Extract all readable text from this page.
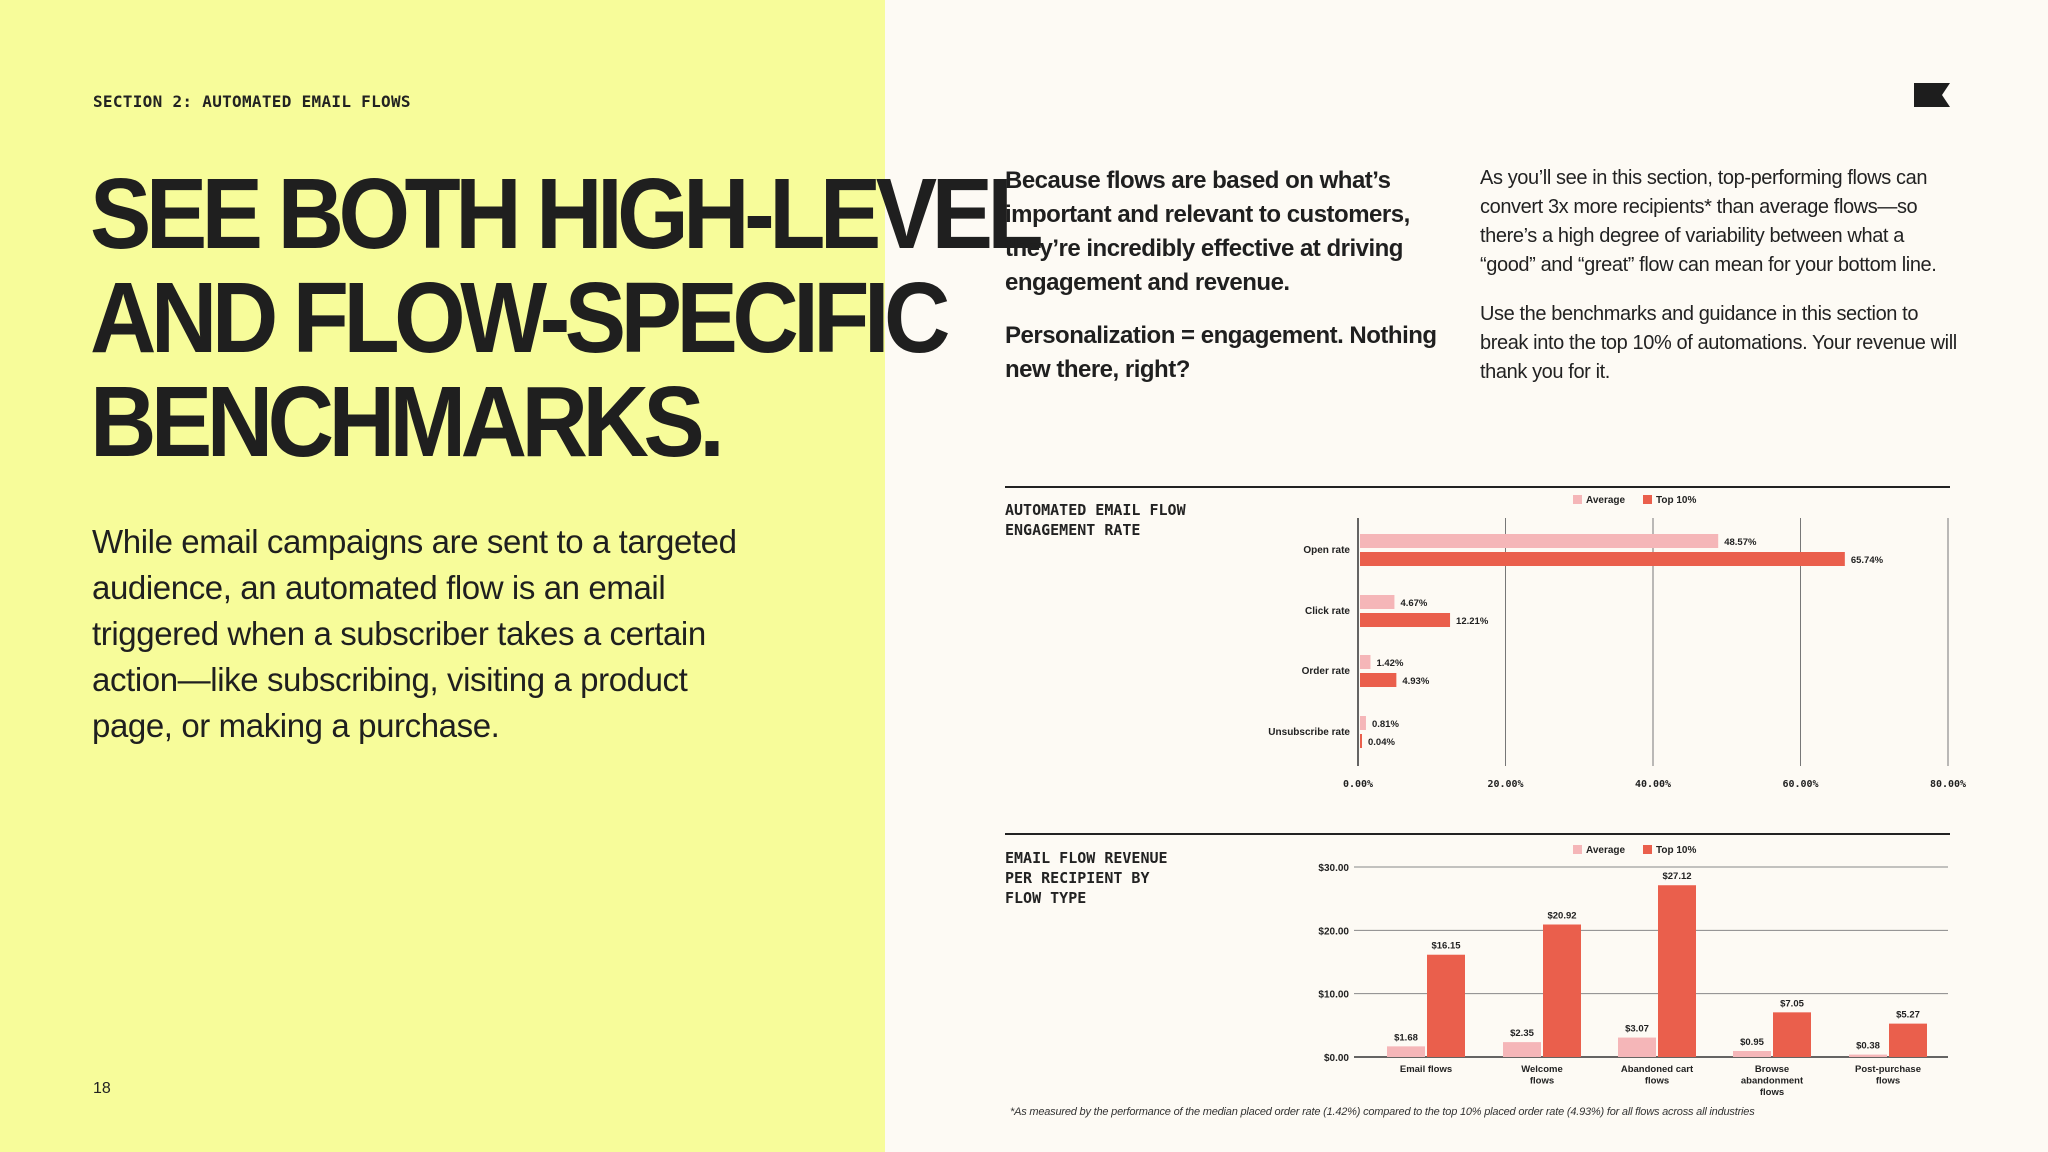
SECTION 2: AUTOMATED EMAIL FLOWS
SEE BOTH HIGH-LEVEL
AND FLOW-SPECIFIC
BENCHMARKS.

While email campaigns are sent to a targeted audience, an automated flow is an email triggered when a subscriber takes a certain action—like subscribing, visiting a product page, or making a purchase.

18

Because flows are based on what’s important and relevant to customers, they’re incredibly effective at driving engagement and revenue.

Personalization = engagement. Nothing new there, right?

As you’ll see in this section, top-performing flows can convert 3x more recipients* than average flows—so there’s a high degree of variability between what a “good” and “great” flow can mean for your bottom line.

Use the benchmarks and guidance in this section to break into the top 10% of automations. Your revenue will thank you for it.

AUTOMATED EMAIL FLOW
ENGAGEMENT RATE
EMAIL FLOW REVENUE
PER RECIPIENT BY
FLOW TYPE
Average	Top 10%
0.00%	20.00%	40.00%	60.00%	80.00%
Open rate
48.57%
65.74%
Click rate
4.67%
12.21%
Order rate
1.42%
4.93%
Unsubscribe rate
0.81%
0.04%
Average	Top 10%
$0.00
$10.00
$20.00
$30.00
$1.68
$16.15
Email flows
$2.35
$20.92
Welcome
flows
$3.07
$27.12
Abandoned cart
flows
$0.95
$7.05
Browse
abandonment
flows
$0.38
$5.27
Post-purchase
flows
*As measured by the performance of the median placed order rate (1.42%) compared to the top 10% placed order rate (4.93%) for all flows across all industries
